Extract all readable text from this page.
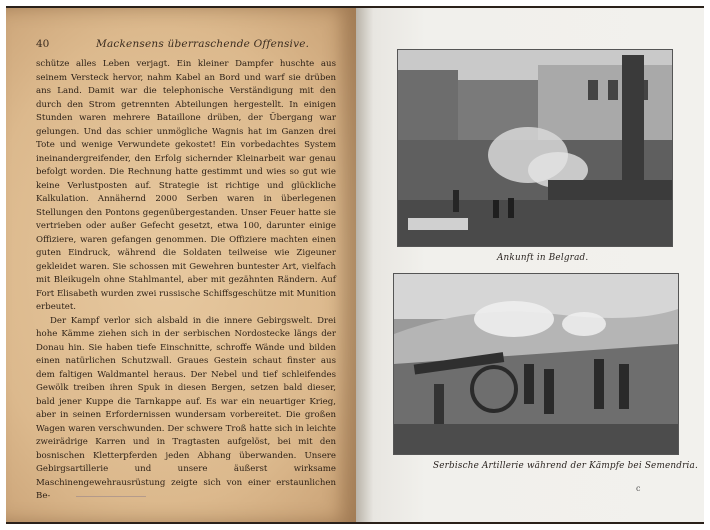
40	Mackensens überraschende Offensive.

schütze alles Leben verjagt. Ein kleiner Dampfer huschte aus seinem Versteck hervor, nahm Kabel an Bord und warf sie drüben ans Land. Damit war die telephonische Verständigung mit den durch den Strom getrennten Abteilungen hergestellt. In einigen Stunden waren mehrere Bataillone drüben, der Übergang war gelungen. Und das schier unmögliche Wagnis hat im Ganzen drei Tote und wenige Verwundete gekostet! Ein vorbedachtes System ineinandergreifender, den Erfolg sichernder Kleinarbeit war genau befolgt worden. Die Rechnung hatte gestimmt und wies so gut wie keine Verlustposten auf. Strategie ist richtige und glückliche Kalkulation. Annähernd 2000 Serben waren in überlegenen Stellungen den Pontons gegenübergestanden. Unser Feuer hatte sie vertrieben oder außer Gefecht gesetzt, etwa 100, darunter einige Offiziere, waren gefangen genommen. Die Offiziere machten einen guten Eindruck, während die Soldaten teilweise wie Zigeuner gekleidet waren. Sie schossen mit Gewehren buntester Art, vielfach mit Bleikugeln ohne Stahlmantel, aber mit gezähnten Rändern. Auf Fort Elisabeth wurden zwei russische Schiffsgeschütze mit Munition erbeutet.

Der Kampf verlor sich alsbald in die innere Gebirgswelt. Drei hohe Kämme ziehen sich in der serbischen Nordostecke längs der Donau hin. Sie haben tiefe Einschnitte, schroffe Wände und bilden einen natürlichen Schutzwall. Graues Gestein schaut finster aus dem faltigen Waldmantel heraus. Der Nebel und tief schleifendes Gewölk treiben ihren Spuk in diesen Bergen, setzen bald dieser, bald jener Kuppe die Tarnkappe auf. Es war ein neuartiger Krieg, aber in seinen Erfordernissen wundersam vorbereitet. Die großen Wagen waren verschwunden. Der schwere Troß hatte sich in leichte zweirädrige Karren und in Tragtasten aufgelöst, bei mit den bosnischen Kletterpferden jeden Abhang überwanden. Unsere Gebirgsartillerie und unsere äußerst wirksame Maschinengewehrausrüstung zeigte sich von einer erstaunlichen Be-

Ankunft in Belgrad.
Serbische Artillerie während der Kämpfe bei Semendria.
c
